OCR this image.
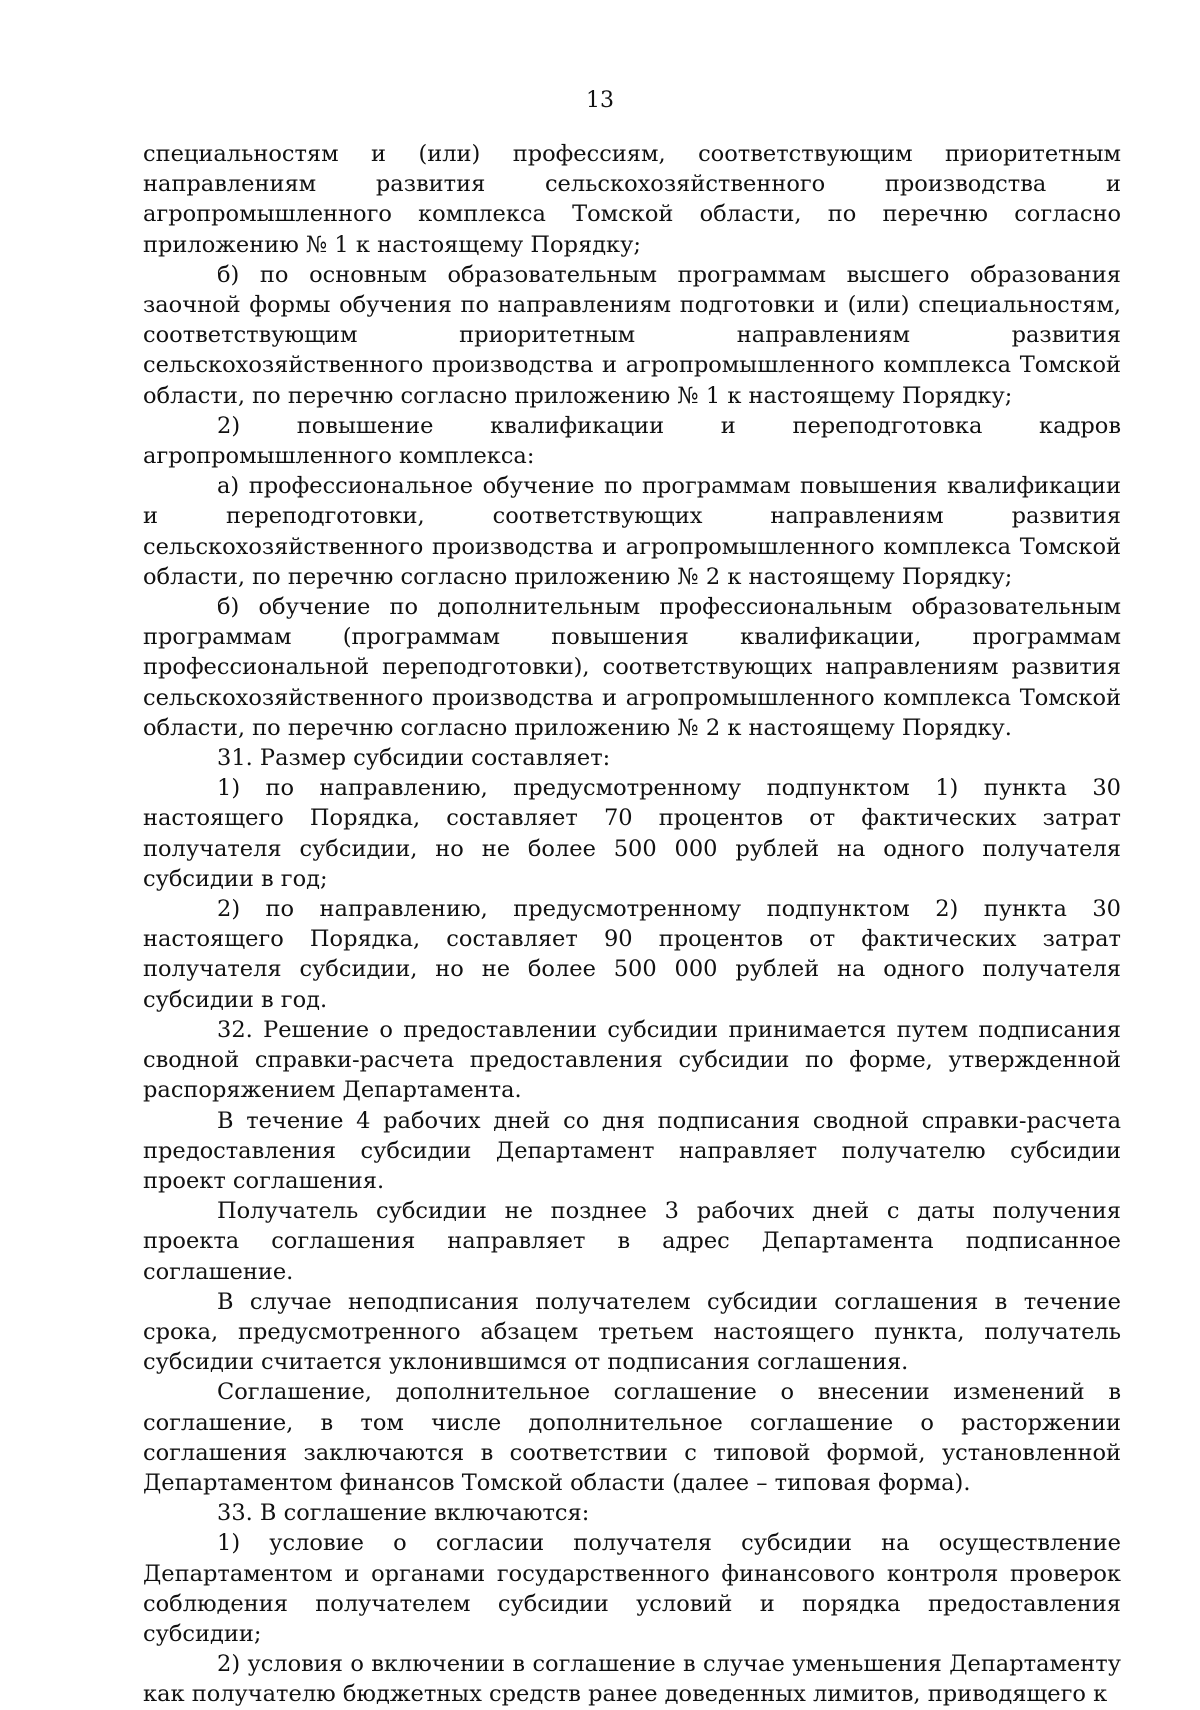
13

специальностям и (или) профессиям, соответствующим приоритетным направлениям развития сельскохозяйственного производства и агропромышленного комплекса Томской области, по перечню согласно приложению № 1 к настоящему Порядку;

б) по основным образовательным программам высшего образования заочной формы обучения по направлениям подготовки и (или) специальностям, соответствующим приоритетным направлениям развития сельскохозяйственного производства и агропромышленного комплекса Томской области, по перечню согласно приложению № 1 к настоящему Порядку;

2) повышение квалификации и переподготовка кадров агропромышленного комплекса:

а) профессиональное обучение по программам повышения квалификации и переподготовки, соответствующих направлениям развития сельскохозяйственного производства и агропромышленного комплекса Томской области, по перечню согласно приложению № 2 к настоящему Порядку;

б) обучение по дополнительным профессиональным образовательным программам (программам повышения квалификации, программам профессиональной переподготовки), соответствующих направлениям развития сельскохозяйственного производства и агропромышленного комплекса Томской области, по перечню согласно приложению № 2 к настоящему Порядку.

31. Размер субсидии составляет:

1) по направлению, предусмотренному подпунктом 1) пункта 30 настоящего Порядка, составляет 70 процентов от фактических затрат получателя субсидии, но не более 500 000 рублей на одного получателя субсидии в год;

2) по направлению, предусмотренному подпунктом 2) пункта 30 настоящего Порядка, составляет 90 процентов от фактических затрат получателя субсидии, но не более 500 000 рублей на одного получателя субсидии в год.

32. Решение о предоставлении субсидии принимается путем подписания сводной справки-расчета предоставления субсидии по форме, утвержденной распоряжением Департамента.

В течение 4 рабочих дней со дня подписания сводной справки-расчета предоставления субсидии Департамент направляет получателю субсидии проект соглашения.

Получатель субсидии не позднее 3 рабочих дней с даты получения проекта соглашения направляет в адрес Департамента подписанное соглашение.

В случае неподписания получателем субсидии соглашения в течение срока, предусмотренного абзацем третьем настоящего пункта, получатель субсидии считается уклонившимся от подписания соглашения.

Соглашение, дополнительное соглашение о внесении изменений в соглашение, в том числе дополнительное соглашение о расторжении соглашения заключаются в соответствии с типовой формой, установленной Департаментом финансов Томской области (далее – типовая форма).

33. В соглашение включаются:

1) условие о согласии получателя субсидии на осуществление Департаментом и органами государственного финансового контроля проверок соблюдения получателем субсидии условий и порядка предоставления субсидии;

2) условия о включении в соглашение в случае уменьшения Департаменту как получателю бюджетных средств ранее доведенных лимитов, приводящего к
